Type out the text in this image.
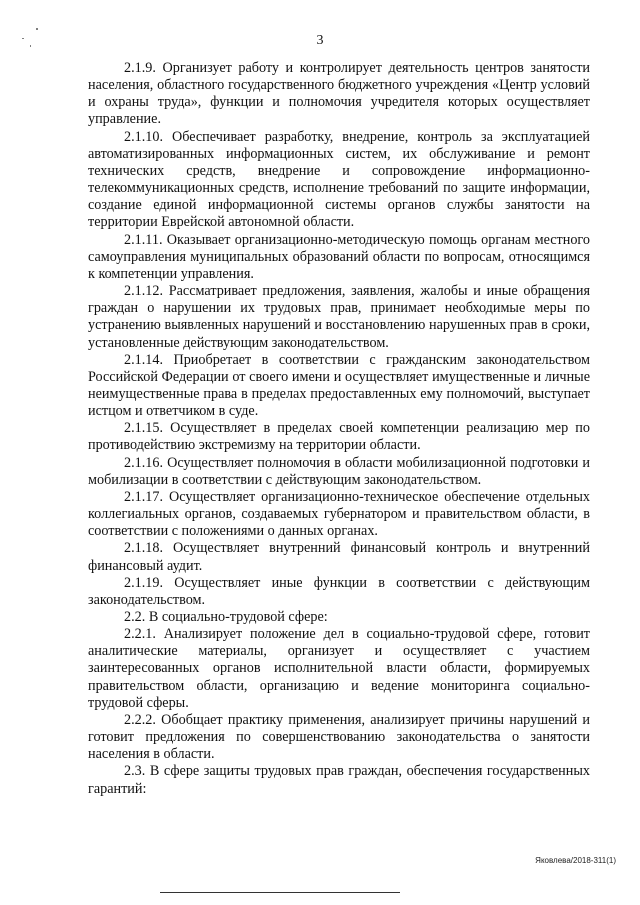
3

2.1.9. Организует работу и контролирует деятельность центров занятости населения, областного государственного бюджетного учреждения «Центр условий и охраны труда», функции и полномочия учредителя которых осуществляет управление.

2.1.10. Обеспечивает разработку, внедрение, контроль за эксплуатацией автоматизированных информационных систем, их обслуживание и ремонт технических средств, внедрение и сопровождение информационно-телекоммуникационных средств, исполнение требований по защите информации, создание единой информационной системы органов службы занятости на территории Еврейской автономной области.

2.1.11. Оказывает организационно-методическую помощь органам местного самоуправления муниципальных образований области по вопросам, относящимся к компетенции управления.

2.1.12. Рассматривает предложения, заявления, жалобы и иные обращения граждан о нарушении их трудовых прав, принимает необходимые меры по устранению выявленных нарушений и восстановлению нарушенных прав в сроки, установленные действующим законодательством.

2.1.14. Приобретает в соответствии с гражданским законодательством Российской Федерации от своего имени и осуществляет имущественные и личные неимущественные права в пределах предоставленных ему полномочий, выступает истцом и ответчиком в суде.

2.1.15. Осуществляет в пределах своей компетенции реализацию мер по противодействию экстремизму на территории области.

2.1.16. Осуществляет полномочия в области мобилизационной подготовки и мобилизации в соответствии с действующим законодательством.

2.1.17. Осуществляет организационно-техническое обеспечение отдельных коллегиальных органов, создаваемых губернатором и правительством области, в соответствии с положениями о данных органах.

2.1.18. Осуществляет внутренний финансовый контроль и внутренний финансовый аудит.

2.1.19. Осуществляет иные функции в соответствии с действующим законодательством.

2.2. В социально-трудовой сфере:

2.2.1. Анализирует положение дел в социально-трудовой сфере, готовит аналитические материалы, организует и осуществляет с участием заинтересованных органов исполнительной власти области, формируемых правительством области, организацию и ведение мониторинга социально-трудовой сферы.

2.2.2. Обобщает практику применения, анализирует причины нарушений и готовит предложения по совершенствованию законодательства о занятости населения в области.

2.3. В сфере защиты трудовых прав граждан, обеспечения государственных гарантий:

Яковлева/2018-311(1)
